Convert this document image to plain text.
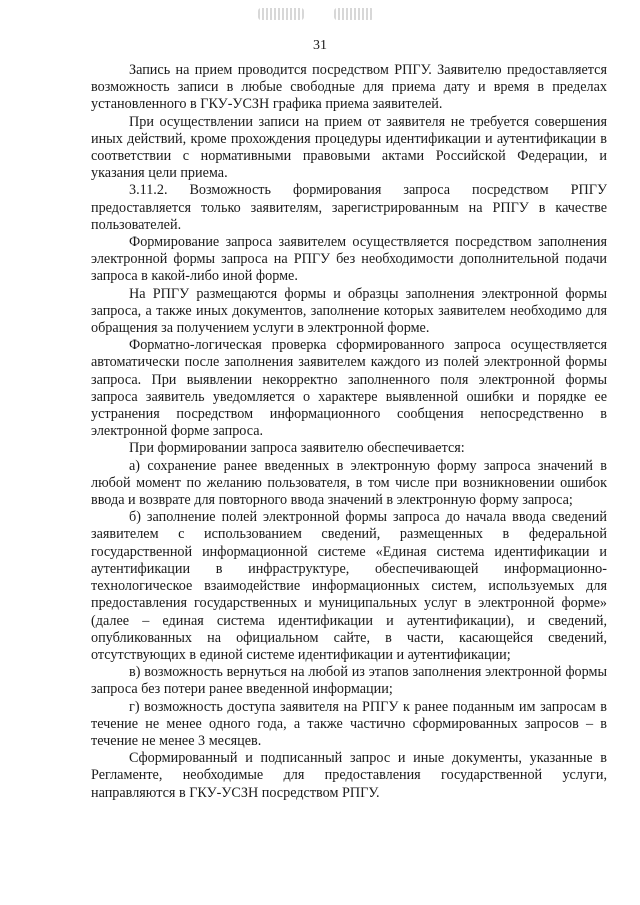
31

Запись на прием проводится посредством РПГУ. Заявителю предоставляется возможность записи в любые свободные для приема дату и время в пределах установленного в ГКУ-УСЗН графика приема заявителей.

При осуществлении записи на прием от заявителя не требуется совершения иных действий, кроме прохождения процедуры идентификации и аутентификации в соответствии с нормативными правовыми актами Российской Федерации, и указания цели приема.

3.11.2. Возможность формирования запроса посредством РПГУ предоставляется только заявителям, зарегистрированным на РПГУ в качестве пользователей.

Формирование запроса заявителем осуществляется посредством заполнения электронной формы запроса на РПГУ без необходимости дополнительной подачи запроса в какой-либо иной форме.

На РПГУ размещаются формы и образцы заполнения электронной формы запроса, а также иных документов, заполнение которых заявителем необходимо для обращения за получением услуги в электронной форме.

Форматно-логическая проверка сформированного запроса осуществляется автоматически после заполнения заявителем каждого из полей электронной формы запроса. При выявлении некорректно заполненного поля электронной формы запроса заявитель уведомляется о характере выявленной ошибки и порядке ее устранения посредством информационного сообщения непосредственно в электронной форме запроса.

При формировании запроса заявителю обеспечивается:

а) сохранение ранее введенных в электронную форму запроса значений в любой момент по желанию пользователя, в том числе при возникновении ошибок ввода и возврате для повторного ввода значений в электронную форму запроса;

б) заполнение полей электронной формы запроса до начала ввода сведений заявителем с использованием сведений, размещенных в федеральной государственной информационной системе «Единая система идентификации и аутентификации в инфраструктуре, обеспечивающей информационно-технологическое взаимодействие информационных систем, используемых для предоставления государственных и муниципальных услуг в электронной форме» (далее – единая система идентификации и аутентификации), и сведений, опубликованных на официальном сайте, в части, касающейся сведений, отсутствующих в единой системе идентификации и аутентификации;

в) возможность вернуться на любой из этапов заполнения электронной формы запроса без потери ранее введенной информации;

г) возможность доступа заявителя на РПГУ к ранее поданным им запросам в течение не менее одного года, а также частично сформированных запросов – в течение не менее 3 месяцев.

Сформированный и подписанный запрос и иные документы, указанные в Регламенте, необходимые для предоставления государственной услуги, направляются в ГКУ-УСЗН посредством РПГУ.
